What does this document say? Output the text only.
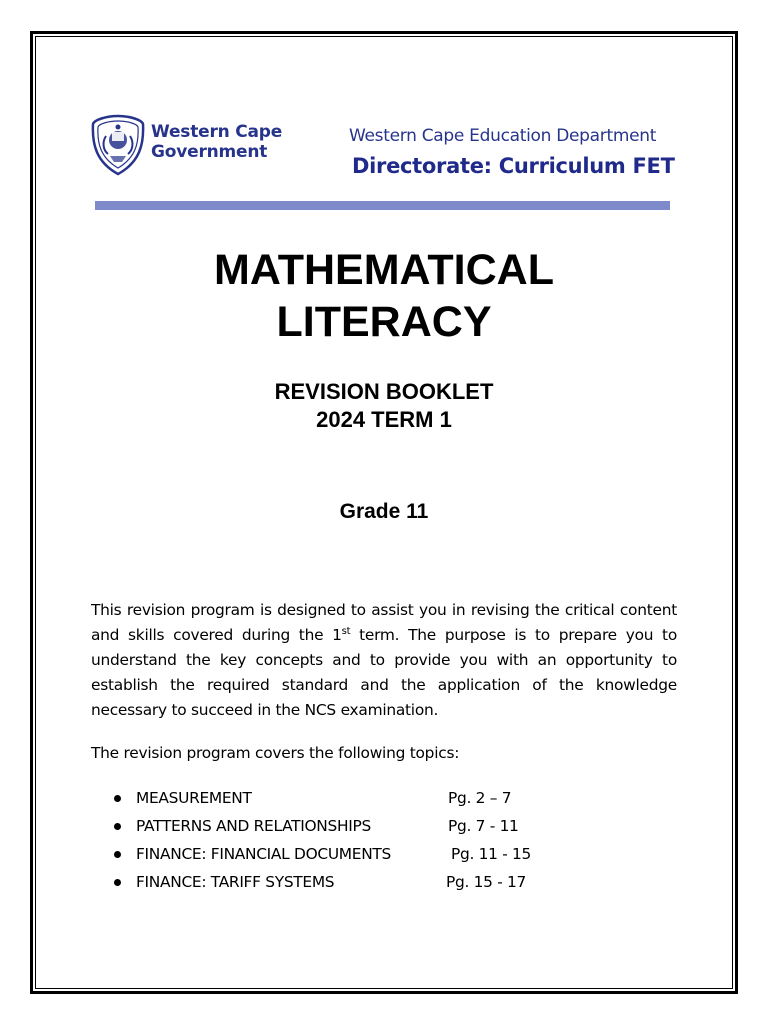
Western Cape
Government
Western Cape Education Department
Directorate: Curriculum FET
MATHEMATICAL
LITERACY
REVISION BOOKLET
2024 TERM 1
Grade 11
This revision program is designed to assist you in revising the critical content and skills covered during the 1st term. The purpose is to prepare you to understand the key concepts and to provide you with an opportunity to establish the required standard and the application of the knowledge necessary to succeed in the NCS examination.
The revision program covers the following topics:
MEASUREMENT	Pg. 2 – 7
PATTERNS AND RELATIONSHIPS	Pg. 7 - 11
FINANCE: FINANCIAL DOCUMENTS	Pg. 11 - 15
FINANCE: TARIFF SYSTEMS	Pg. 15 - 17
